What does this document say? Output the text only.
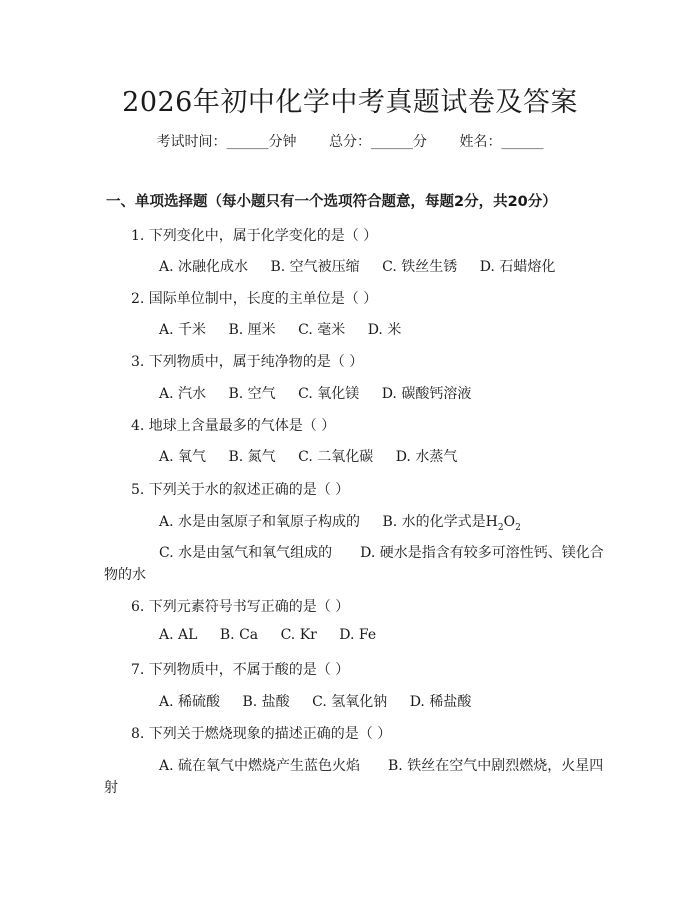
2026年初中化学中考真题试卷及答案
考试时间：______分钟 总分：______分 姓名：______
一、单项选择题（每小题只有一个选项符合题意，每题2分，共20分）
1. 下列变化中，属于化学变化的是（ ）
A. 冰融化成水 B. 空气被压缩 C. 铁丝生锈 D. 石蜡熔化
2. 国际单位制中，长度的主单位是（ ）
A. 千米 B. 厘米 C. 毫米 D. 米
3. 下列物质中，属于纯净物的是（ ）
A. 汽水 B. 空气 C. 氧化镁 D. 碳酸钙溶液
4. 地球上含量最多的气体是（ ）
A. 氧气 B. 氮气 C. 二氧化碳 D. 水蒸气
5. 下列关于水的叙述正确的是（ ）
A. 水是由氢原子和氧原子构成的 B. 水的化学式是$H_2O_2$
C. 水是由氢气和氧气组成的　　D. 硬水是指含有较多可溶性钙、镁化合
物的水
6. 下列元素符号书写正确的是（ ）
A. AL B. Ca C. Kr D. Fe
7. 下列物质中，不属于酸的是（ ）
A. 稀硫酸 B. 盐酸 C. 氢氧化钠 D. 稀盐酸
8. 下列关于燃烧现象的描述正确的是（ ）
A. 硫在氧气中燃烧产生蓝色火焰　　B. 铁丝在空气中剧烈燃烧，火星四
射
